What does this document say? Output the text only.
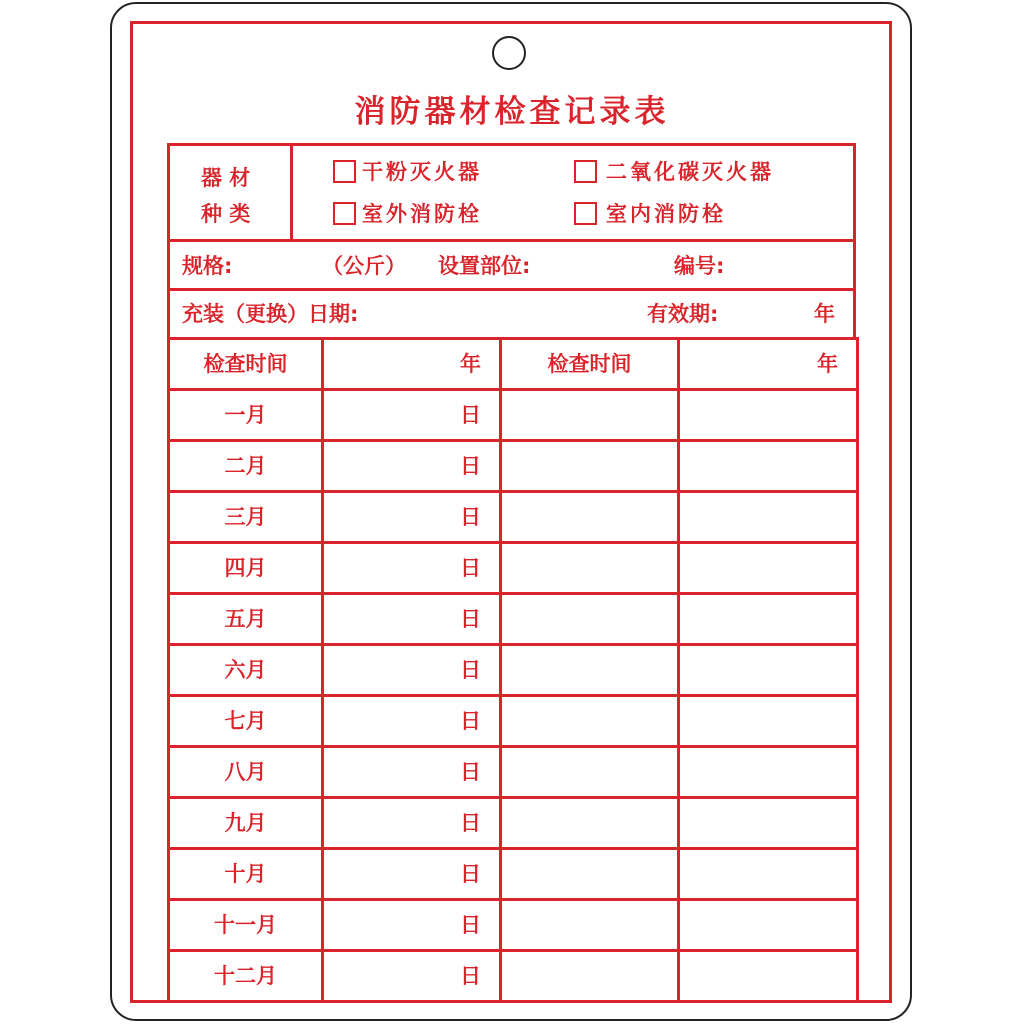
消防器材检查记录表
器 材
种 类
干粉灭火器	二氧化碳灭火器
室外消防栓	室内消防栓
规格:	（公斤） 设置部位:	编号:
充装（更换）日期:	有效期:	年
检查时间	年	检查时间	年
一月	日		
二月	日		
三月	日		
四月	日		
五月	日		
六月	日		
七月	日		
八月	日		
九月	日		
十月	日		
十一月	日		
十二月	日		
